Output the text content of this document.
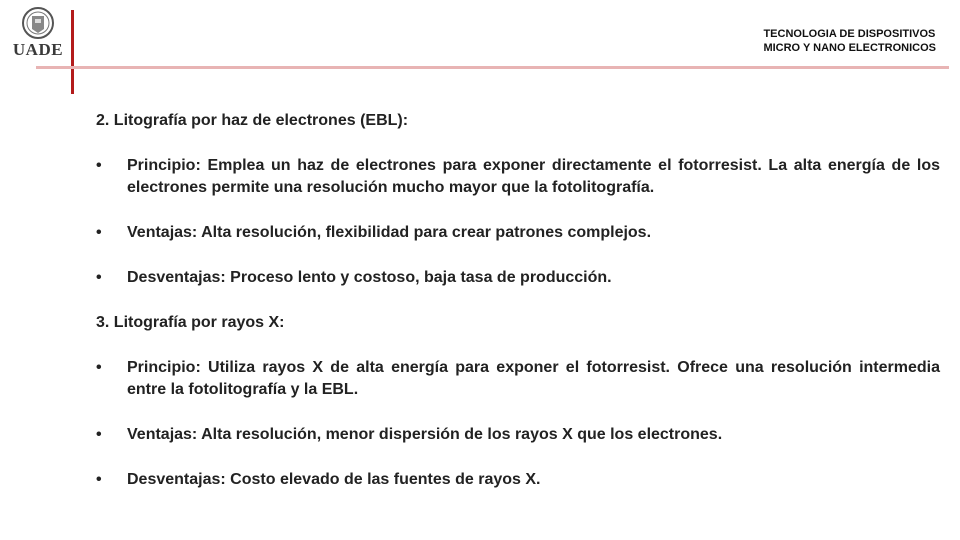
UADE
TECNOLOGIA DE DISPOSITIVOS
MICRO Y NANO ELECTRONICOS
2. Litografía por haz de electrones (EBL):
• Principio: Emplea un haz de electrones para exponer directamente el fotorresist. La alta energía de los electrones permite una resolución mucho mayor que la fotolitografía.
• Ventajas: Alta resolución, flexibilidad para crear patrones complejos.
• Desventajas: Proceso lento y costoso, baja tasa de producción.
3. Litografía por rayos X:
• Principio: Utiliza rayos X de alta energía para exponer el fotorresist. Ofrece una resolución intermedia entre la fotolitografía y la EBL.
• Ventajas: Alta resolución, menor dispersión de los rayos X que los electrones.
• Desventajas: Costo elevado de las fuentes de rayos X.
